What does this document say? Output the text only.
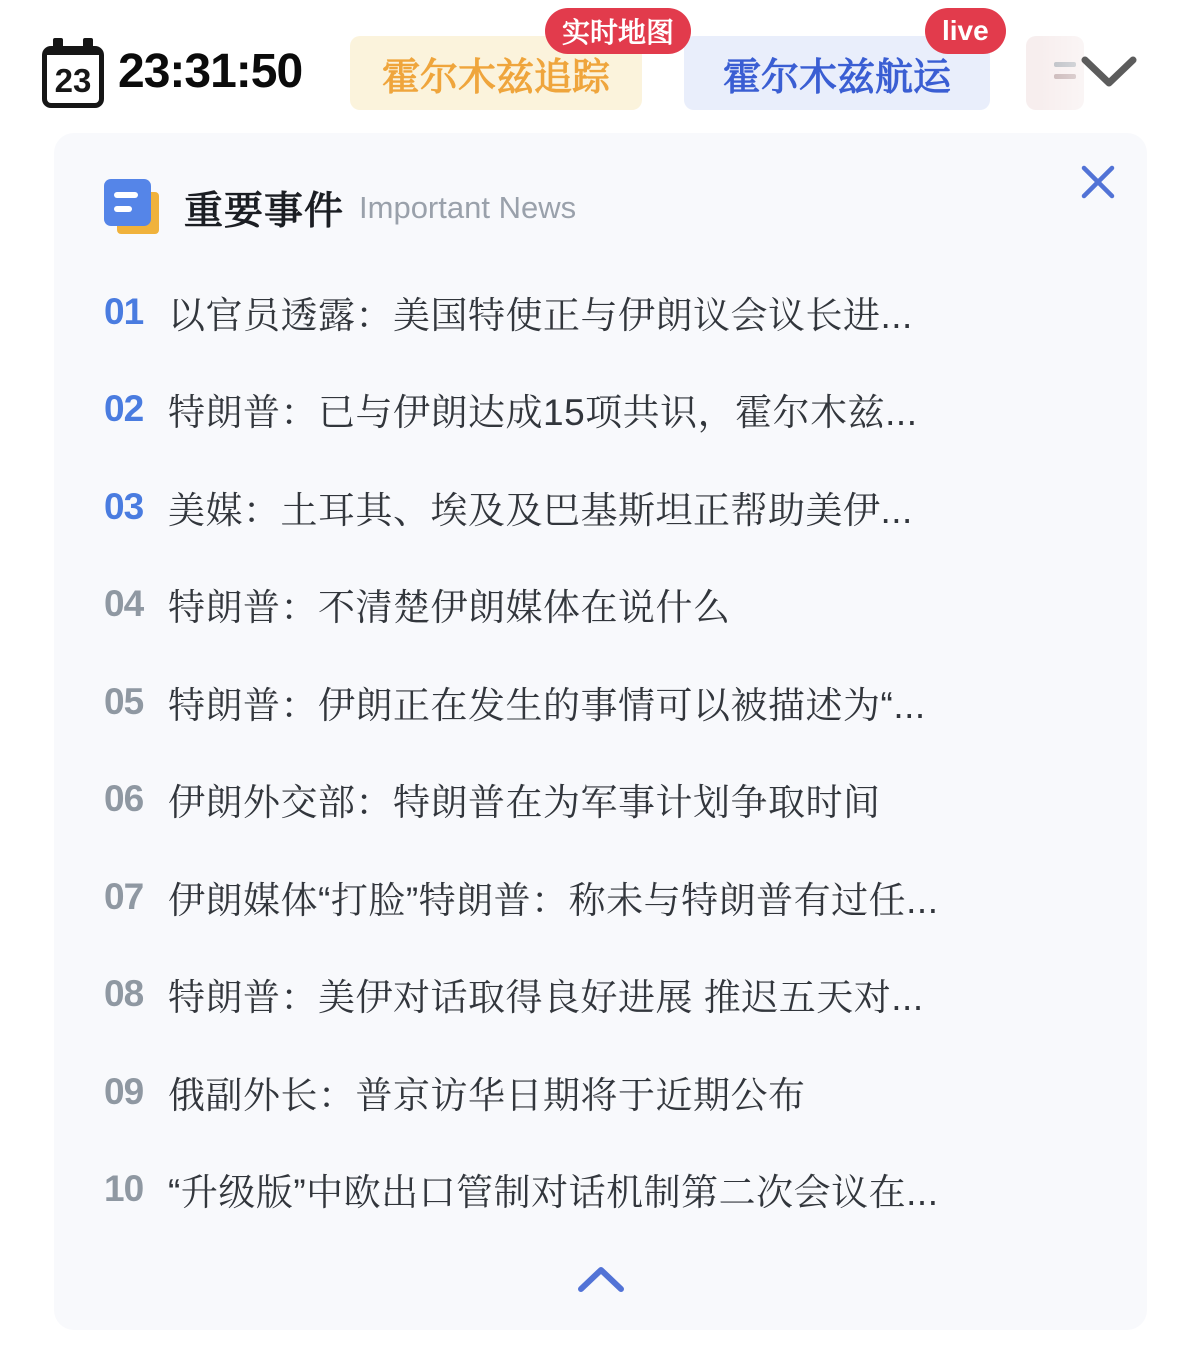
23 23:31:50 霍尔木兹追踪	霍尔木兹航运
实时地图	live
重要事件 Important News
01 以官员透露：美国特使正与伊朗议会议长进...
02 特朗普：已与伊朗达成15项共识，霍尔木兹...
03 美媒：土耳其、埃及及巴基斯坦正帮助美伊...
04 特朗普：不清楚伊朗媒体在说什么
05 特朗普：伊朗正在发生的事情可以被描述为“...
06 伊朗外交部：特朗普在为军事计划争取时间
07 伊朗媒体“打脸”特朗普：称未与特朗普有过任...
08 特朗普：美伊对话取得良好进展 推迟五天对...
09 俄副外长：普京访华日期将于近期公布
10 “升级版”中欧出口管制对话机制第二次会议在...
